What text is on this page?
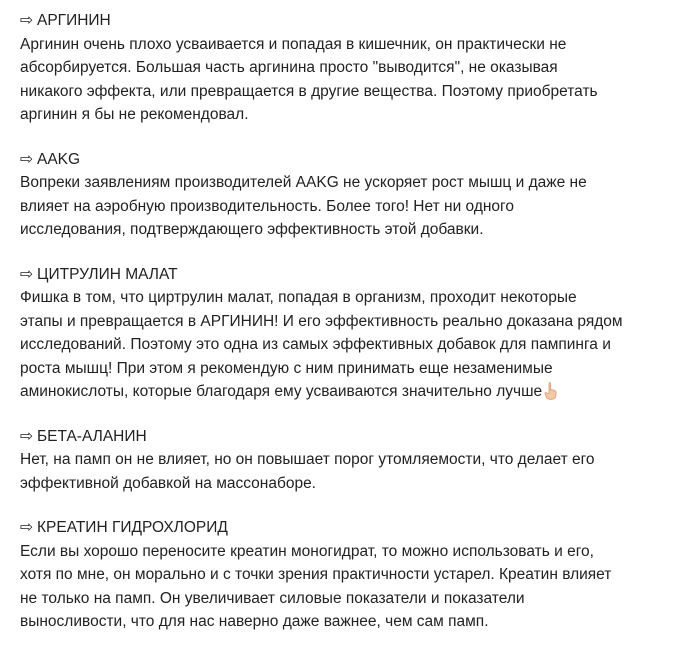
⇨ АРГИНИН
Аргинин очень плохо усваивается и попадая в кишечник, он практически не
абсорбируется. Большая часть аргинина просто "выводится", не оказывая
никакого эффекта, или превращается в другие вещества. Поэтому приобретать
аргинин я бы не рекомендовал.
⇨ AAKG
Вопреки заявлениям производителей AAKG не ускоряет рост мышц и даже не
влияет на аэробную производительность. Более того! Нет ни одного
исследования, подтверждающего эффективность этой добавки.
⇨ ЦИТРУЛИН МАЛАТ
Фишка в том, что циртрулин малат, попадая в организм, проходит некоторые
этапы и превращается в АРГИНИН! И его эффективность реально доказана рядом
исследований. Поэтому это одна из самых эффективных добавок для пампинга и
роста мышц! При этом я рекомендую с ним принимать еще незаменимые
аминокислоты, которые благодаря ему усваиваются значительно лучше
⇨ БЕТА-АЛАНИН
Нет, на памп он не влияет, но он повышает порог утомляемости, что делает его
эффективной добавкой на массонаборе.
⇨ КРЕАТИН ГИДРОХЛОРИД
Если вы хорошо переносите креатин моногидрат, то можно использовать и его,
хотя по мне, он морально и с точки зрения практичности устарел. Креатин влияет
не только на памп. Он увеличивает силовые показатели и показатели
выносливости, что для нас наверно даже важнее, чем сам памп.
